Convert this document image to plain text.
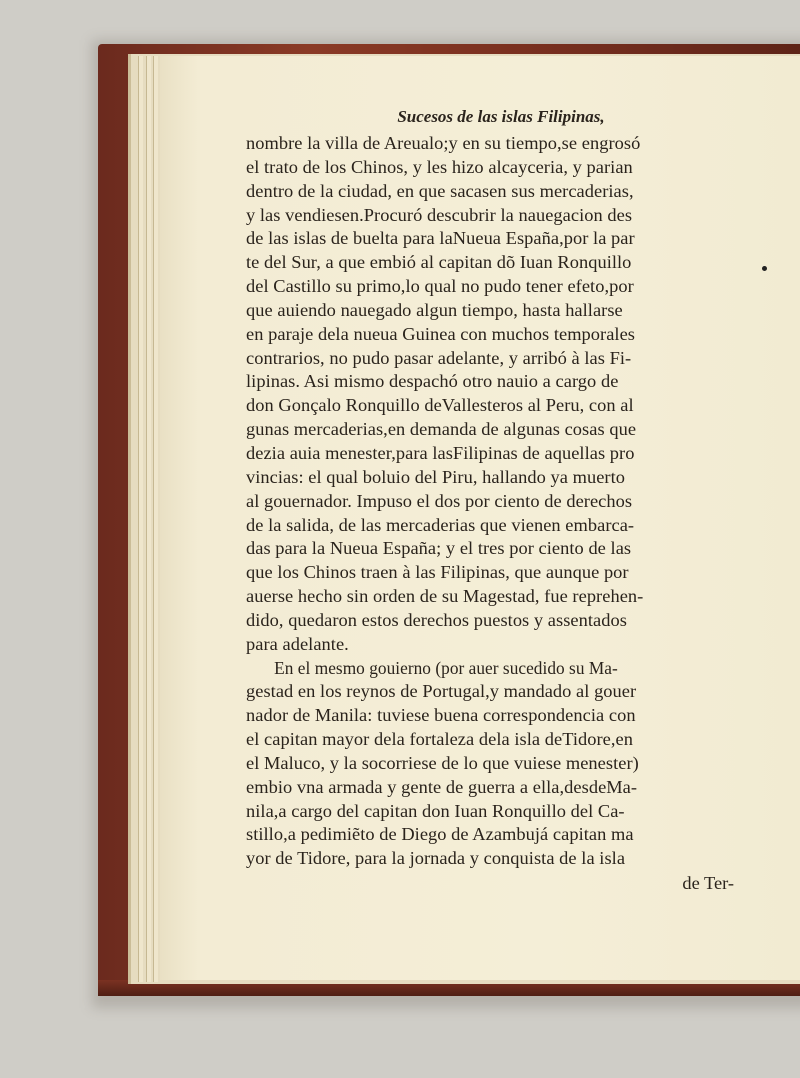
Sucesos de las islas Filipinas,
nombre la villa de Areualo;y en su tiempo,se engrosó
el trato de los Chinos, y les hizo alcayceria, y parian
dentro de la ciudad, en que sacasen sus mercaderias,
y las vendiesen.Procuró descubrir la nauegacion des
de las islas de buelta para laNueua España,por la par
te del Sur, a que embió al capitan dõ Iuan Ronquillo
del Castillo su primo,lo qual no pudo tener efeto,por
que auiendo nauegado algun tiempo, hasta hallarse
en paraje dela nueua Guinea con muchos temporales
contrarios, no pudo pasar adelante, y arribó à las Fi-
lipinas. Asi mismo despachó otro nauio a cargo de
don Gonçalo Ronquillo deVallesteros al Peru, con al
gunas mercaderias,en demanda de algunas cosas que
dezia auia menester,para lasFilipinas de aquellas pro
vincias: el qual boluio del Piru, hallando ya muerto
al gouernador. Impuso el dos por ciento de derechos
de la salida, de las mercaderias que vienen embarca-
das para la Nueua España; y el tres por ciento de las
que los Chinos traen à las Filipinas, que aunque por
auerse hecho sin orden de su Magestad, fue reprehen-
dido, quedaron estos derechos puestos y assentados
para adelante.
En el mesmo gouierno (por auer sucedido su Ma-
gestad en los reynos de Portugal,y mandado al gouer
nador de Manila: tuviese buena correspondencia con
el capitan mayor dela fortaleza dela isla deTidore,en
el Maluco, y la socorriese de lo que vuiese menester)
embio vna armada y gente de guerra a ella,desdeMa-
nila,a cargo del capitan don Iuan Ronquillo del Ca-
stillo,a pedimiẽto de Diego de Azambujá capitan ma
yor de Tidore, para la jornada y conquista de la isla
de Ter-
